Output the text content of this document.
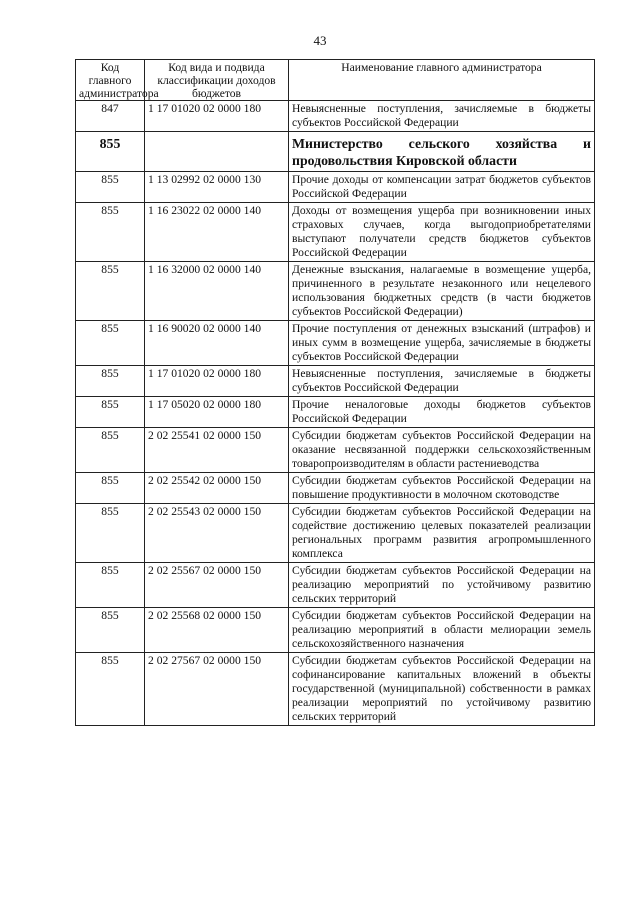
43
Код главного администратора	Код вида и подвида классификации доходов бюджетов	Наименование главного администратора
847	1 17 01020 02 0000 180	Невыясненные поступления, зачисляемые в бюджеты субъектов Российской Федерации
855		Министерство сельского хозяйства и продовольствия Кировской области
855	1 13 02992 02 0000 130	Прочие доходы от компенсации затрат бюджетов субъектов Российской Федерации
855	1 16 23022 02 0000 140	Доходы от возмещения ущерба при возникновении иных страховых случаев, когда выгодоприобретателями выступают получатели средств бюджетов субъектов Российской Федерации
855	1 16 32000 02 0000 140	Денежные взыскания, налагаемые в возмещение ущерба, причиненного в результате незаконного или нецелевого использования бюджетных средств (в части бюджетов субъектов Российской Федерации)
855	1 16 90020 02 0000 140	Прочие поступления от денежных взысканий (штрафов) и иных сумм в возмещение ущерба, зачисляемые в бюджеты субъектов Российской Федерации
855	1 17 01020 02 0000 180	Невыясненные поступления, зачисляемые в бюджеты субъектов Российской Федерации
855	1 17 05020 02 0000 180	Прочие неналоговые доходы бюджетов субъектов Российской Федерации
855	2 02 25541 02 0000 150	Субсидии бюджетам субъектов Российской Федерации на оказание несвязанной поддержки сельскохозяйственным товаропроизводителям в области растениеводства
855	2 02 25542 02 0000 150	Субсидии бюджетам субъектов Российской Федерации на повышение продуктивности в молочном скотоводстве
855	2 02 25543 02 0000 150	Субсидии бюджетам субъектов Российской Федерации на содействие достижению целевых показателей реализации региональных программ развития агропромышленного комплекса
855	2 02 25567 02 0000 150	Субсидии бюджетам субъектов Российской Федерации на реализацию мероприятий по устойчивому развитию сельских территорий
855	2 02 25568 02 0000 150	Субсидии бюджетам субъектов Российской Федерации на реализацию мероприятий в области мелиорации земель сельскохозяйственного назначения
855	2 02 27567 02 0000 150	Субсидии бюджетам субъектов Российской Федерации на софинансирование капитальных вложений в объекты государственной (муниципальной) собственности в рамках реализации мероприятий по устойчивому развитию сельских территорий
